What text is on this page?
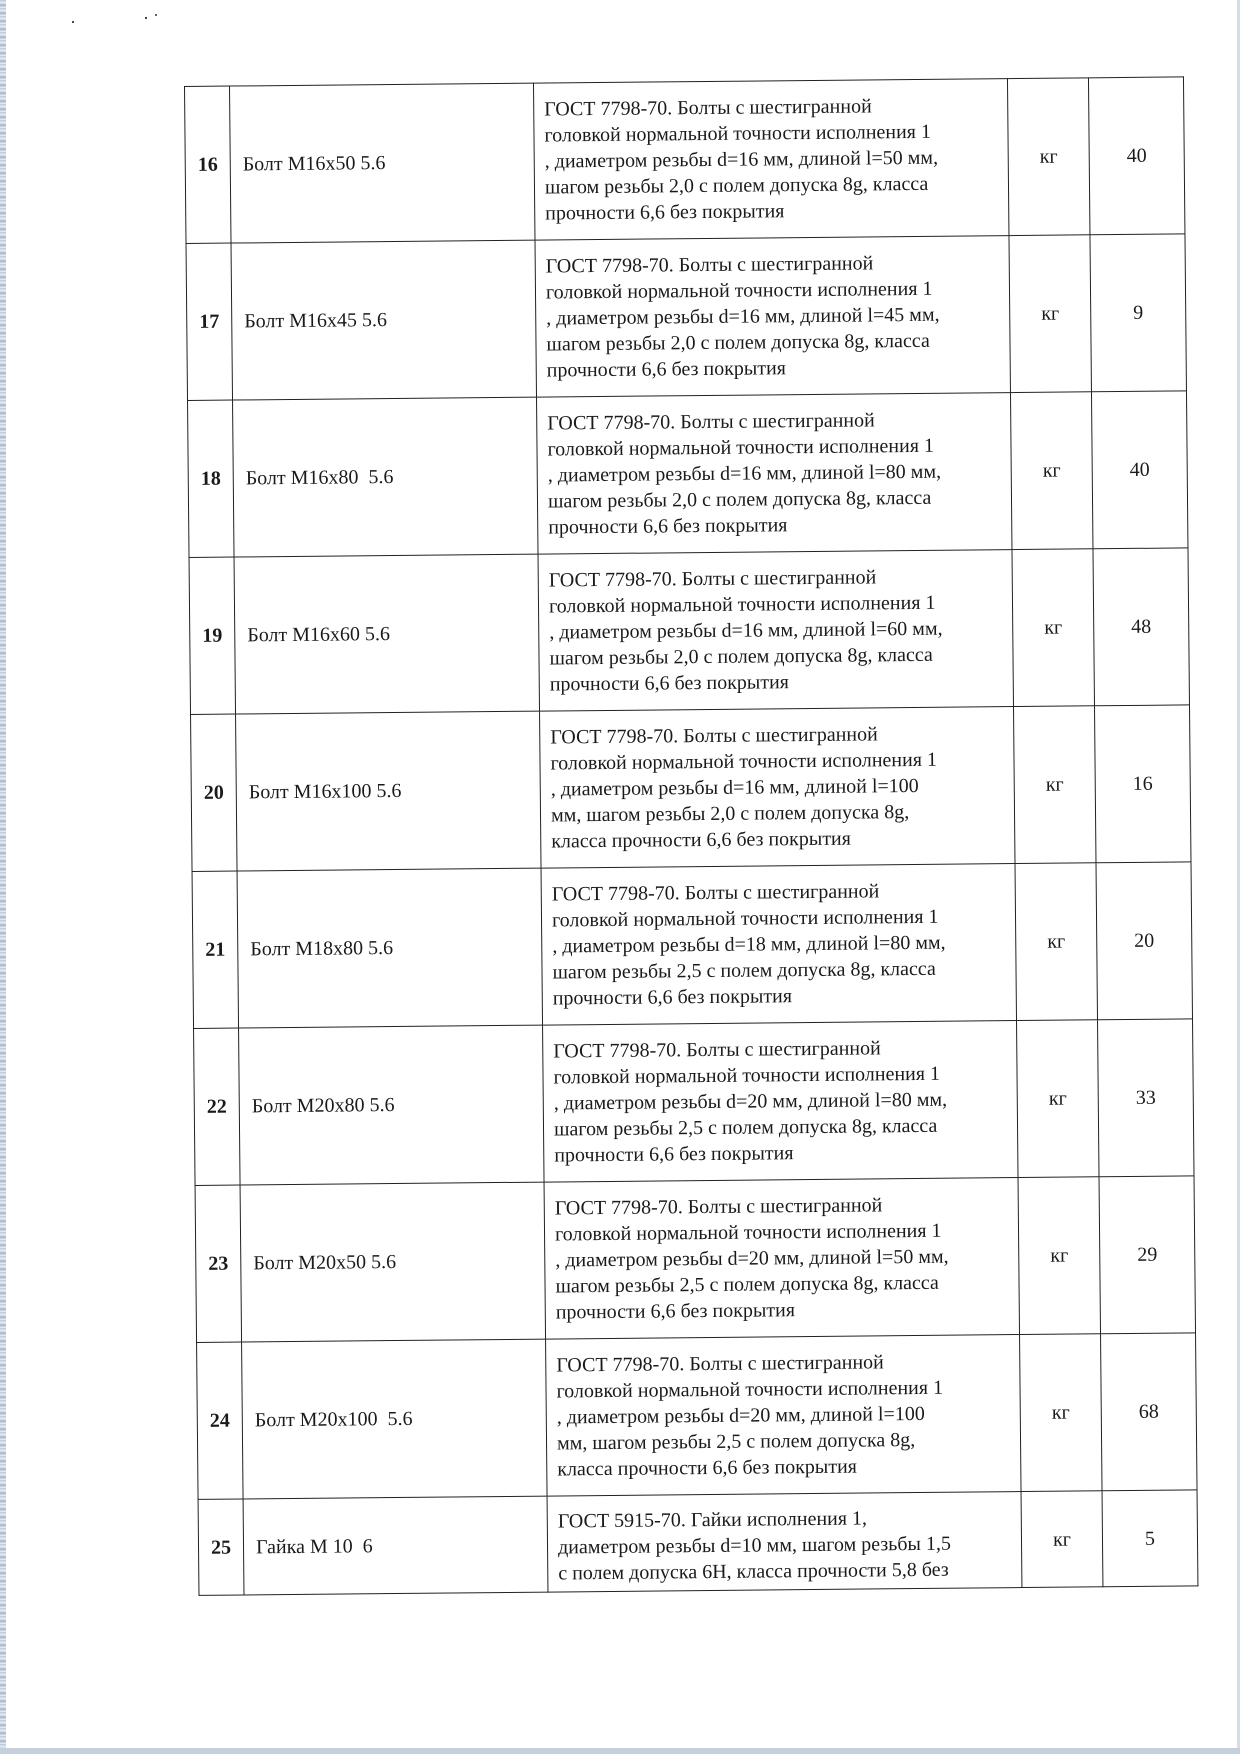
16	Болт М16х50 5.6	ГОСТ 7798-70. Болты с шестигранной
головкой нормальной точности исполнения 1
, диаметром резьбы d=16 мм, длиной l=50 мм,
шагом резьбы 2,0 с полем допуска 8g, класса
прочности 6,6 без покрытия	кг	40
17	Болт М16х45 5.6	ГОСТ 7798-70. Болты с шестигранной
головкой нормальной точности исполнения 1
, диаметром резьбы d=16 мм, длиной l=45 мм,
шагом резьбы 2,0 с полем допуска 8g, класса
прочности 6,6 без покрытия	кг	9
18	Болт М16х80  5.6	ГОСТ 7798-70. Болты с шестигранной
головкой нормальной точности исполнения 1
, диаметром резьбы d=16 мм, длиной l=80 мм,
шагом резьбы 2,0 с полем допуска 8g, класса
прочности 6,6 без покрытия	кг	40
19	Болт М16х60 5.6	ГОСТ 7798-70. Болты с шестигранной
головкой нормальной точности исполнения 1
, диаметром резьбы d=16 мм, длиной l=60 мм,
шагом резьбы 2,0 с полем допуска 8g, класса
прочности 6,6 без покрытия	кг	48
20	Болт М16х100 5.6	ГОСТ 7798-70. Болты с шестигранной
головкой нормальной точности исполнения 1
, диаметром резьбы d=16 мм, длиной l=100
мм, шагом резьбы 2,0 с полем допуска 8g,
класса прочности 6,6 без покрытия	кг	16
21	Болт М18х80 5.6	ГОСТ 7798-70. Болты с шестигранной
головкой нормальной точности исполнения 1
, диаметром резьбы d=18 мм, длиной l=80 мм,
шагом резьбы 2,5 с полем допуска 8g, класса
прочности 6,6 без покрытия	кг	20
22	Болт М20х80 5.6	ГОСТ 7798-70. Болты с шестигранной
головкой нормальной точности исполнения 1
, диаметром резьбы d=20 мм, длиной l=80 мм,
шагом резьбы 2,5 с полем допуска 8g, класса
прочности 6,6 без покрытия	кг	33
23	Болт М20х50 5.6	ГОСТ 7798-70. Болты с шестигранной
головкой нормальной точности исполнения 1
, диаметром резьбы d=20 мм, длиной l=50 мм,
шагом резьбы 2,5 с полем допуска 8g, класса
прочности 6,6 без покрытия	кг	29
24	Болт М20х100  5.6	ГОСТ 7798-70. Болты с шестигранной
головкой нормальной точности исполнения 1
, диаметром резьбы d=20 мм, длиной l=100
мм, шагом резьбы 2,5 с полем допуска 8g,
класса прочности 6,6 без покрытия	кг	68
25	Гайка М 10  6	ГОСТ 5915-70. Гайки исполнения 1,
диаметром резьбы d=10 мм, шагом резьбы 1,5
с полем допуска 6Н, класса прочности 5,8 без	кг	5
